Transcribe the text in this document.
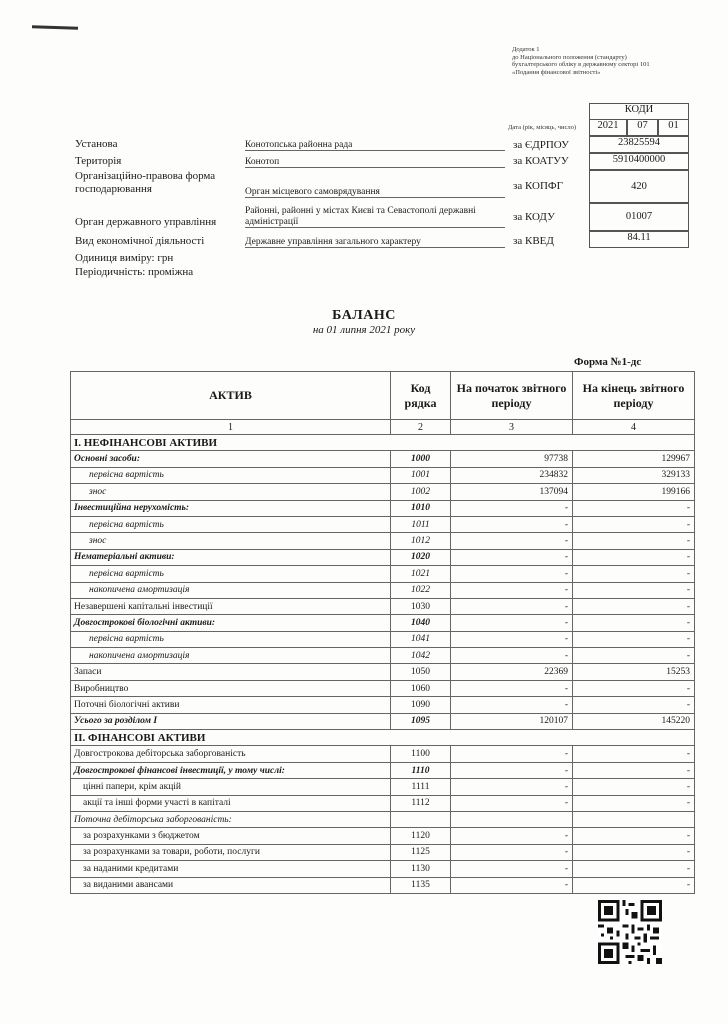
Додаток 1
до Національного положення (стандарту)
бухгалтерського обліку в державному секторі 101
«Подання фінансової звітності»
КОДИ
Дата (рік, місяць, число)	2021	07	01
Установа	Конотопська районна рада	за ЄДРПОУ	23825594
Територія	Конотоп	за КОАТУУ	5910400000
Організаційно-правова форма господарювання	Орган місцевого самоврядування	за КОПФГ	420
Орган державного управління
Районні, районні у містах Києві та Севастополі державні адміністрації	за КОДУ	01007
Вид економічної діяльності	Державне управління загального характеру	за КВЕД	84.11
Одиниця виміру: грн
Періодичність: проміжна
БАЛАНС
на 01 липня 2021 року
Форма №1-дс
АКТИВ	Код рядка	На початок звітного періоду	На кінець звітного періоду
1	2	3	4
І. НЕФІНАНСОВІ АКТИВИ			
Основні засоби:	1000	97738	129967
первісна вартість	1001	234832	329133
знос	1002	137094	199166
Інвестиційна нерухомість:	1010	-	-
первісна вартість	1011	-	-
знос	1012	-	-
Нематеріальні активи:	1020	-	-
первісна вартість	1021	-	-
накопичена амортизація	1022	-	-
Незавершені капітальні інвестиції	1030	-	-
Довгострокові біологічні активи:	1040	-	-
первісна вартість	1041	-	-
накопичена амортизація	1042	-	-
Запаси	1050	22369	15253
Виробництво	1060	-	-
Поточні біологічні активи	1090	-	-
Усього за розділом І	1095	120107	145220
ІІ. ФІНАНСОВІ АКТИВИ			
Довгострокова дебіторська заборгованість	1100	-	-
Довгострокові фінансові інвестиції, у тому числі:	1110	-	-
цінні папери, крім акцій	1111	-	-
акції та інші форми участі в капіталі	1112	-	-
Поточна дебіторська заборгованість:			
за розрахунками з бюджетом	1120	-	-
за розрахунками за товари, роботи, послуги	1125	-	-
за наданими кредитами	1130	-	-
за виданими авансами	1135	-	-
